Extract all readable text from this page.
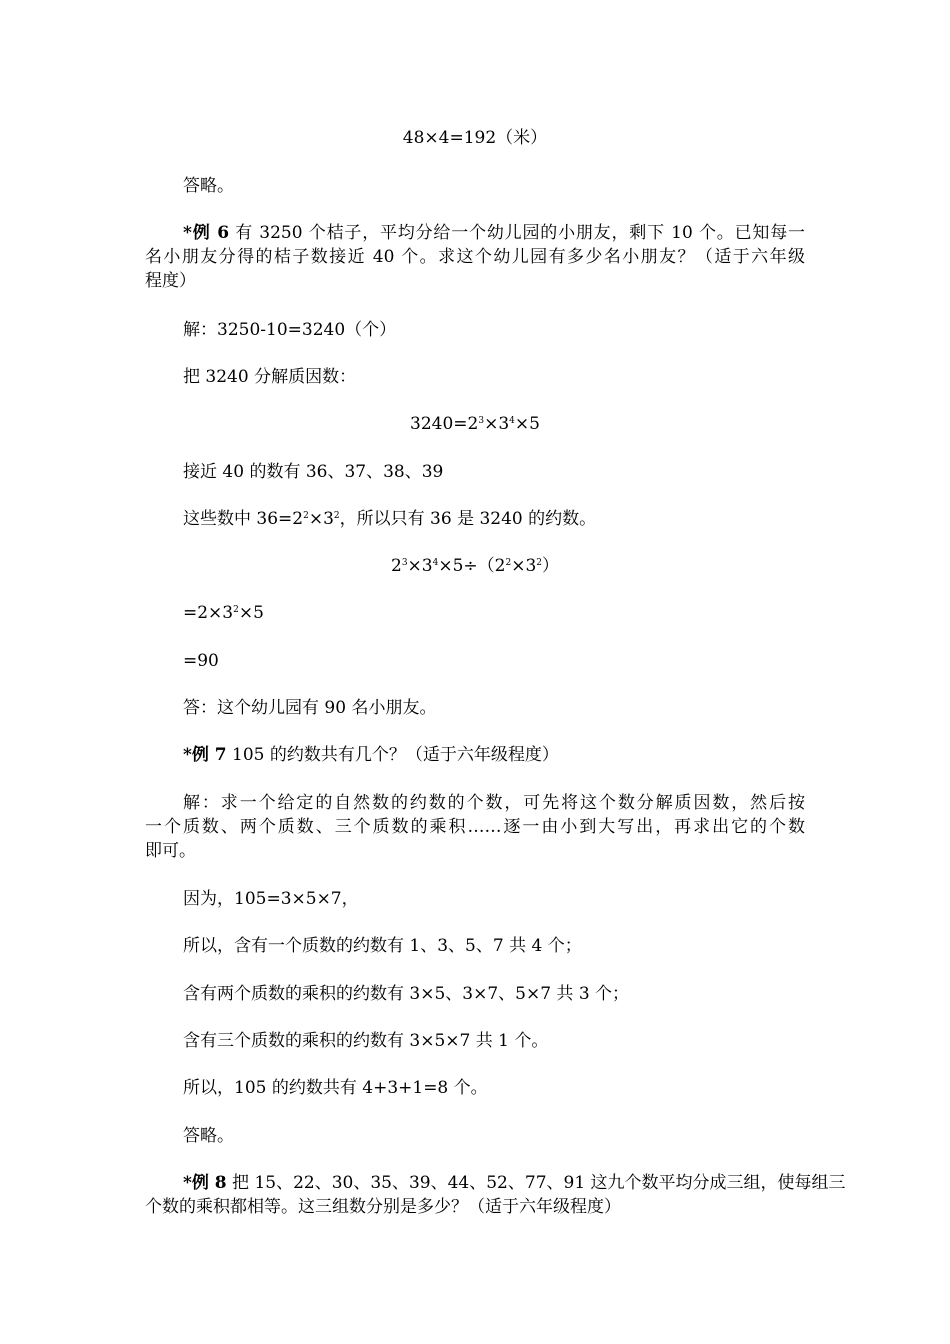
48×4=192（米）
答略。
*例 6 有 3250 个桔子，平均分给一个幼儿园的小朋友，剩下 10 个。已知每一
名小朋友分得的桔子数接近 40 个。求这个幼儿园有多少名小朋友？（适于六年级
程度）
解：3250-10=3240（个）
把 3240 分解质因数：
$3240=2^3\times 3^4\times 5$
接近 40 的数有 36、37、38、39
这些数中 $36=2^2\times 3^2$，所以只有 36 是 3240 的约数。
$2^3\times 3^4\times 5\div(2^2\times 3^2)$
$=2\times 3^2\times 5$
=90
答：这个幼儿园有 90 名小朋友。
*例 7 105 的约数共有几个？（适于六年级程度）
解：求一个给定的自然数的约数的个数，可先将这个数分解质因数，然后按
一个质数、两个质数、三个质数的乘积……逐一由小到大写出，再求出它的个数
即可。
因为，105=3×5×7，
所以，含有一个质数的约数有 1、3、5、7 共 4 个；
含有两个质数的乘积的约数有 3×5、3×7、5×7 共 3 个；
含有三个质数的乘积的约数有 3×5×7 共 1 个。
所以，105 的约数共有 4+3+1=8 个。
答略。
*例 8 把 15、22、30、35、39、44、52、77、91 这九个数平均分成三组，使每组三
个数的乘积都相等。这三组数分别是多少？（适于六年级程度）
